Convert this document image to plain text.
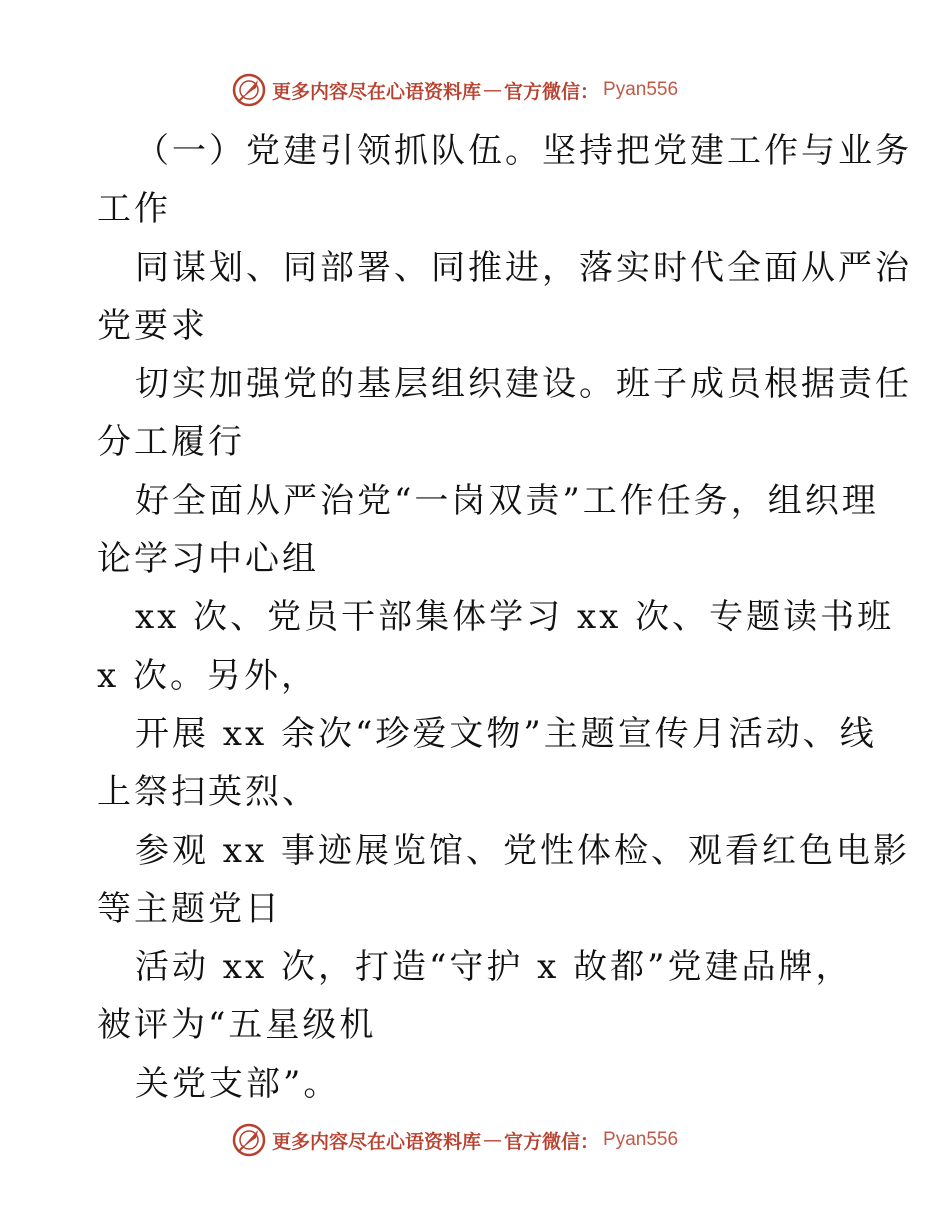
更多内容尽在心语资料库 — 官方微信： Pyan556
（一）党建引领抓队伍。坚持把党建工作与业务
工作
同谋划、同部署、同推进，落实时代全面从严治
党要求
切实加强党的基层组织建设。班子成员根据责任
分工履行
好全面从严治党“一岗双责”工作任务，组织理
论学习中心组
xx 次、党员干部集体学习 xx 次、专题读书班
x 次。另外，
开展 xx 余次“珍爱文物”主题宣传月活动、线
上祭扫英烈、
参观 xx 事迹展览馆、党性体检、观看红色电影
等主题党日
活动 xx 次，打造“守护 x 故都”党建品牌，
被评为“五星级机
关党支部”。
更多内容尽在心语资料库 — 官方微信： Pyan556
